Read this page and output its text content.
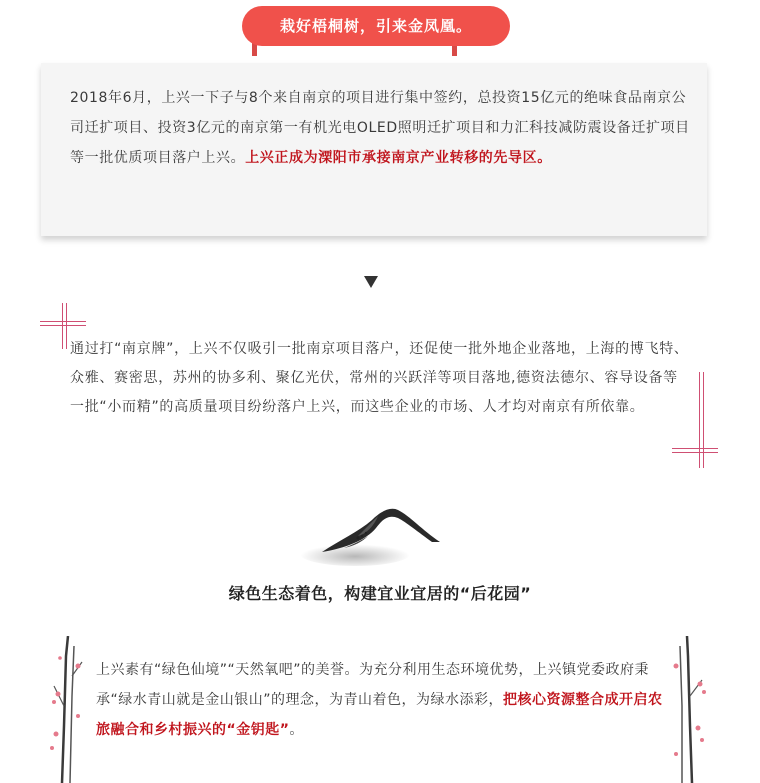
栽好梧桐树，引来金凤凰。
2018年6月，上兴一下子与8个来自南京的项目进行集中签约，总投资15亿元的绝味食品南京公司迁扩项目、投资3亿元的南京第一有机光电OLED照明迁扩项目和力汇科技减防震设备迁扩项目等一批优质项目落户上兴。上兴正成为溧阳市承接南京产业转移的先导区。
通过打“南京牌”，上兴不仅吸引一批南京项目落户，还促使一批外地企业落地，上海的博飞特、众雅、赛密思，苏州的协多利、聚亿光伏，常州的兴跃洋等项目落地,德资法德尔、容导设备等一批“小而精”的高质量项目纷纷落户上兴，而这些企业的市场、人才均对南京有所依靠。
绿色生态着色，构建宜业宜居的“后花园”
上兴素有“绿色仙境”“天然氧吧”的美誉。为充分利用生态环境优势，上兴镇党委政府秉承“绿水青山就是金山银山”的理念，为青山着色，为绿水添彩，把核心资源整合成开启农旅融合和乡村振兴的“金钥匙”。
